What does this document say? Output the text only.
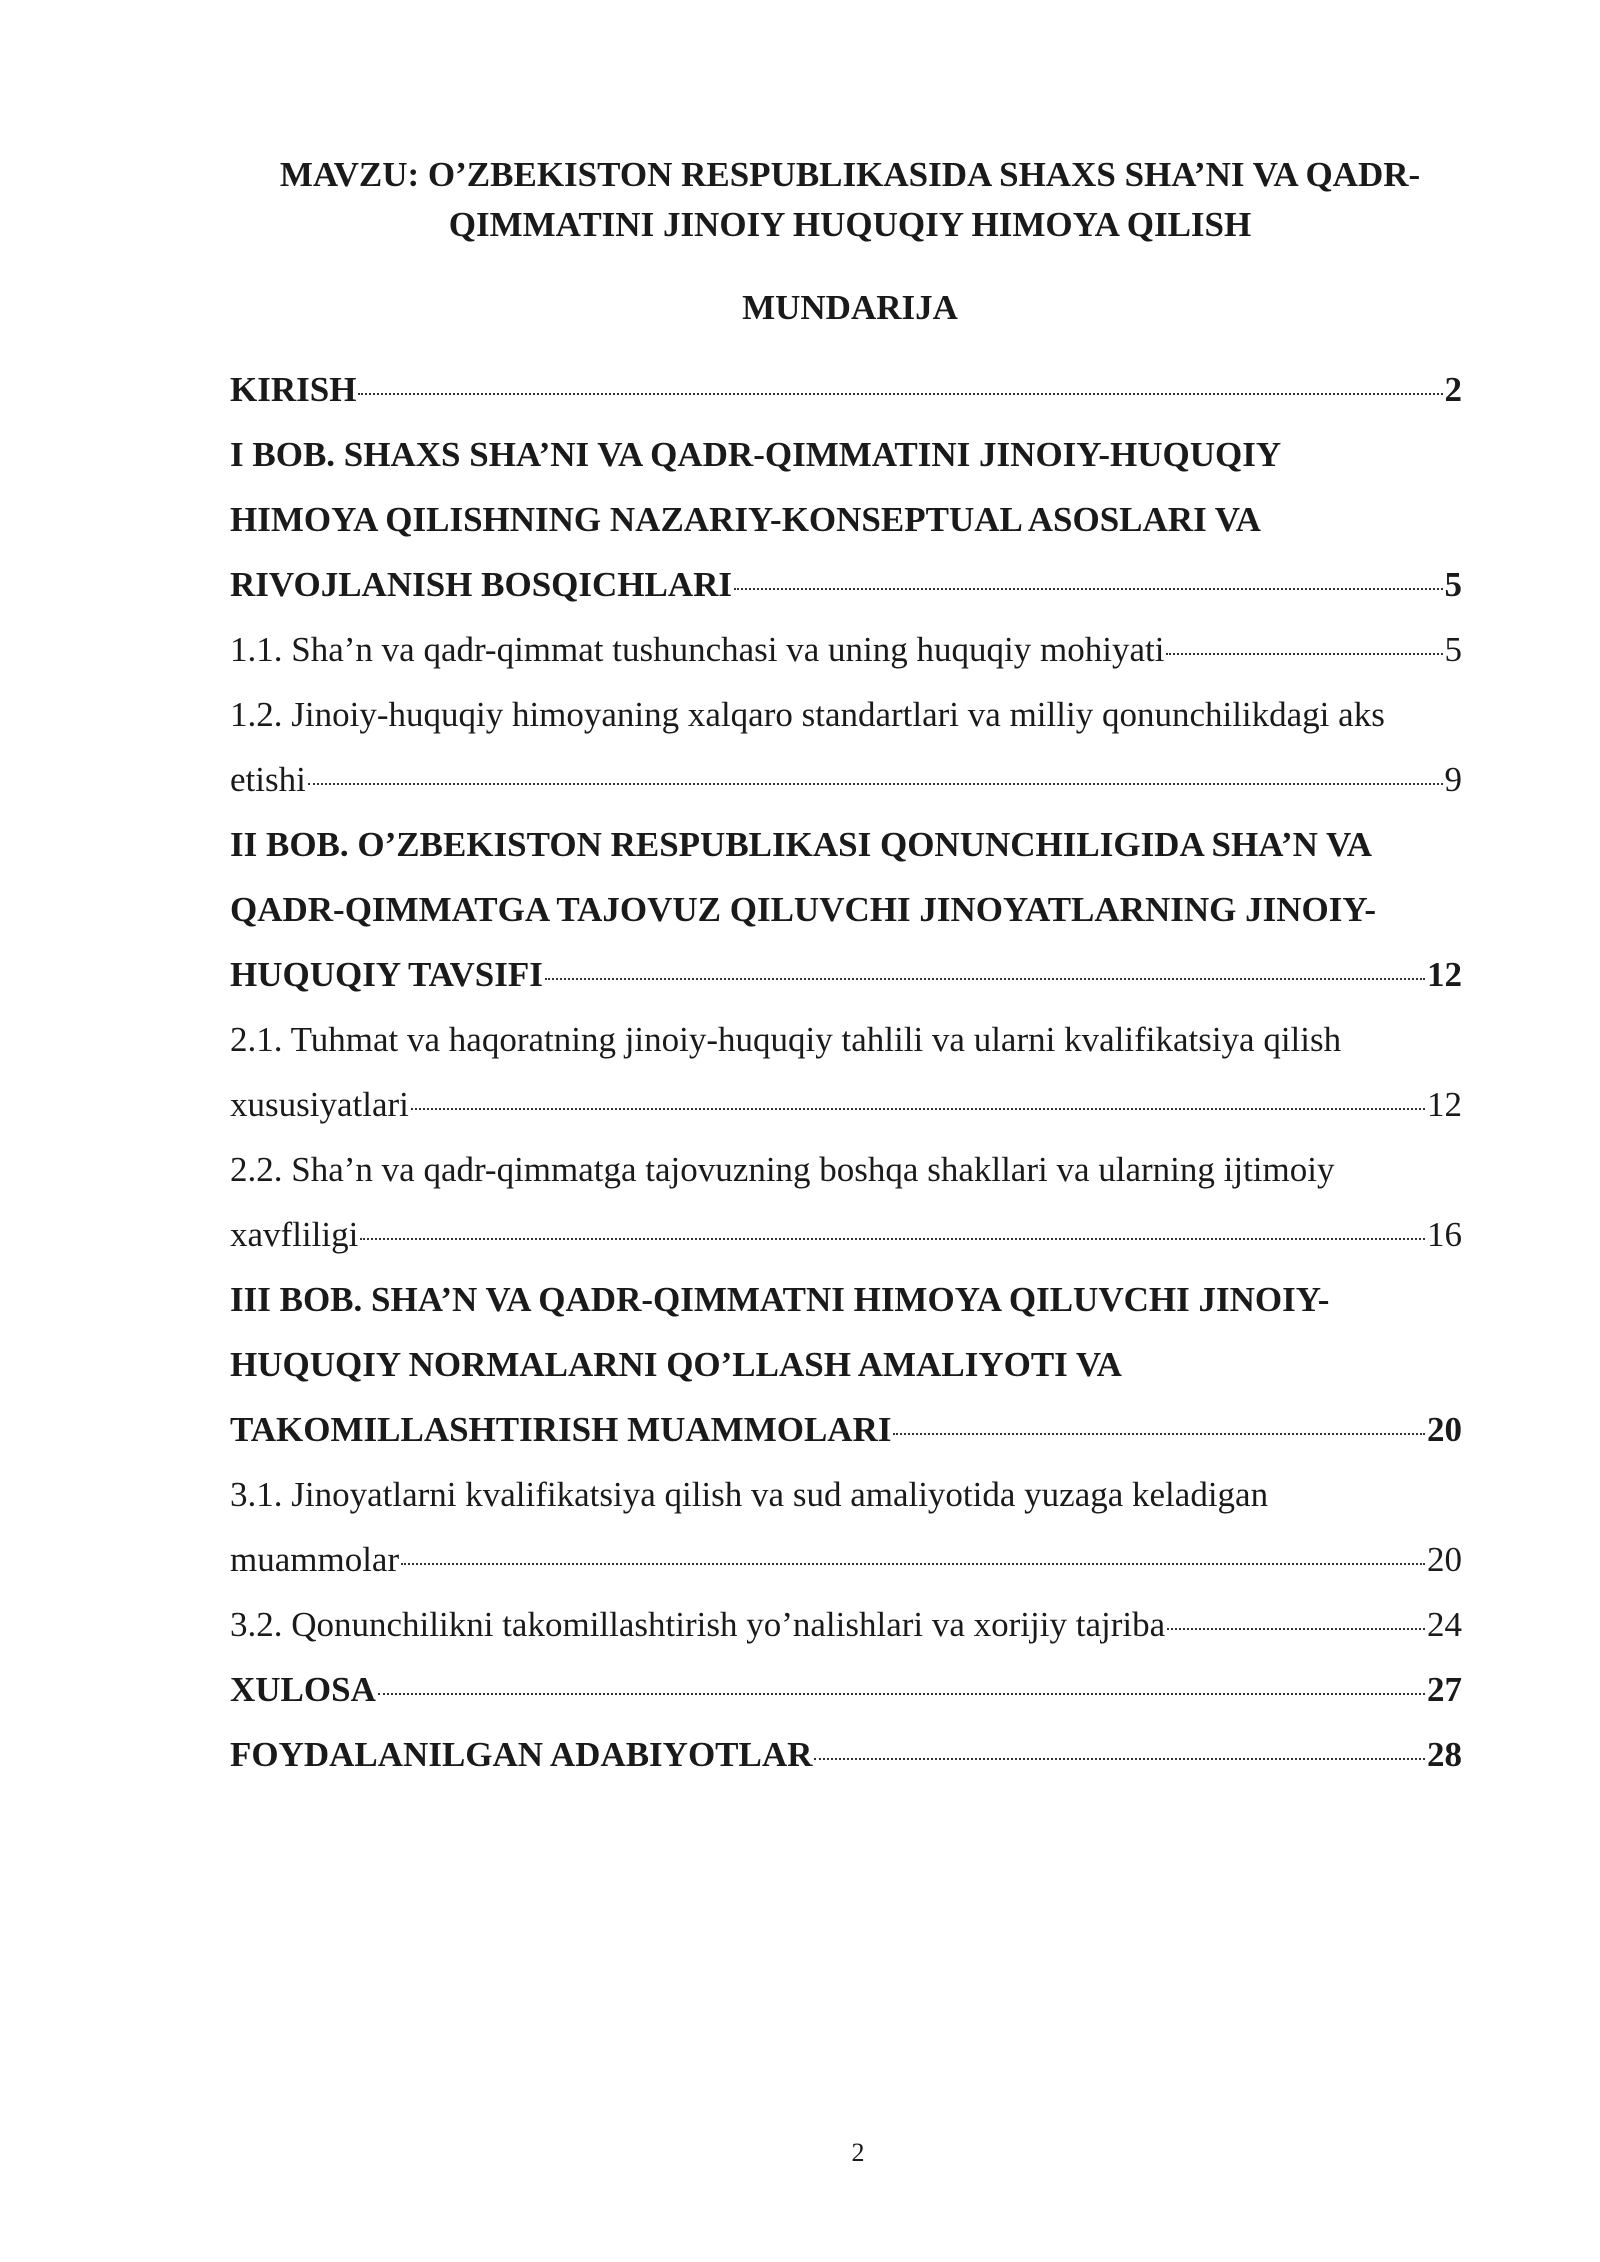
MAVZU: O’ZBEKISTON RESPUBLIKASIDA SHAXS SHA’NI VA QADR-
QIMMATINI JINOIY HUQUQIY HIMOYA QILISH
MUNDARIJA
KIRISH	2
I BOB. SHAXS SHA’NI VA QADR-QIMMATINI JINOIY-HUQUQIY
HIMOYA QILISHNING NAZARIY-KONSEPTUAL ASOSLARI VA
RIVOJLANISH BOSQICHLARI	5
1.1. Sha’n va qadr-qimmat tushunchasi va uning huquqiy mohiyati	5
1.2. Jinoiy-huquqiy himoyaning xalqaro standartlari va milliy qonunchilikdagi aks
etishi	9
II BOB. O’ZBEKISTON RESPUBLIKASI QONUNCHILIGIDA SHA’N VA
QADR-QIMMATGA TAJOVUZ QILUVCHI JINOYATLARNING JINOIY-
HUQUQIY TAVSIFI	12
2.1. Tuhmat va haqoratning jinoiy-huquqiy tahlili va ularni kvalifikatsiya qilish
xususiyatlari	12
2.2. Sha’n va qadr-qimmatga tajovuzning boshqa shakllari va ularning ijtimoiy
xavfliligi	16
III BOB. SHA’N VA QADR-QIMMATNI HIMOYA QILUVCHI JINOIY-
HUQUQIY NORMALARNI QO’LLASH AMALIYOTI VA
TAKOMILLASHTIRISH MUAMMOLARI	20
3.1. Jinoyatlarni kvalifikatsiya qilish va sud amaliyotida yuzaga keladigan
muammolar	20
3.2. Qonunchilikni takomillashtirish yo’nalishlari va xorijiy tajriba	24
XULOSA	27
FOYDALANILGAN ADABIYOTLAR	28
2
